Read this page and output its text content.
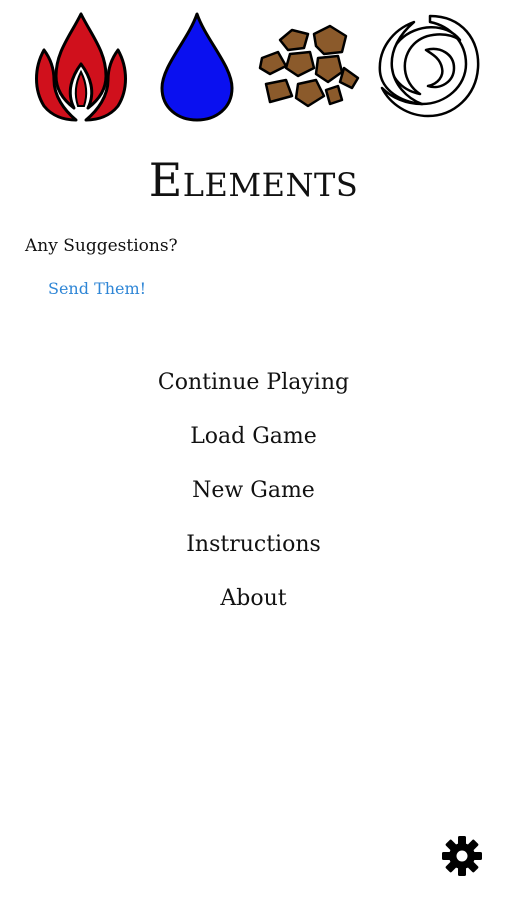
Elements
Any Suggestions?
Send Them!
Continue Playing
Load Game
New Game
Instructions
About
